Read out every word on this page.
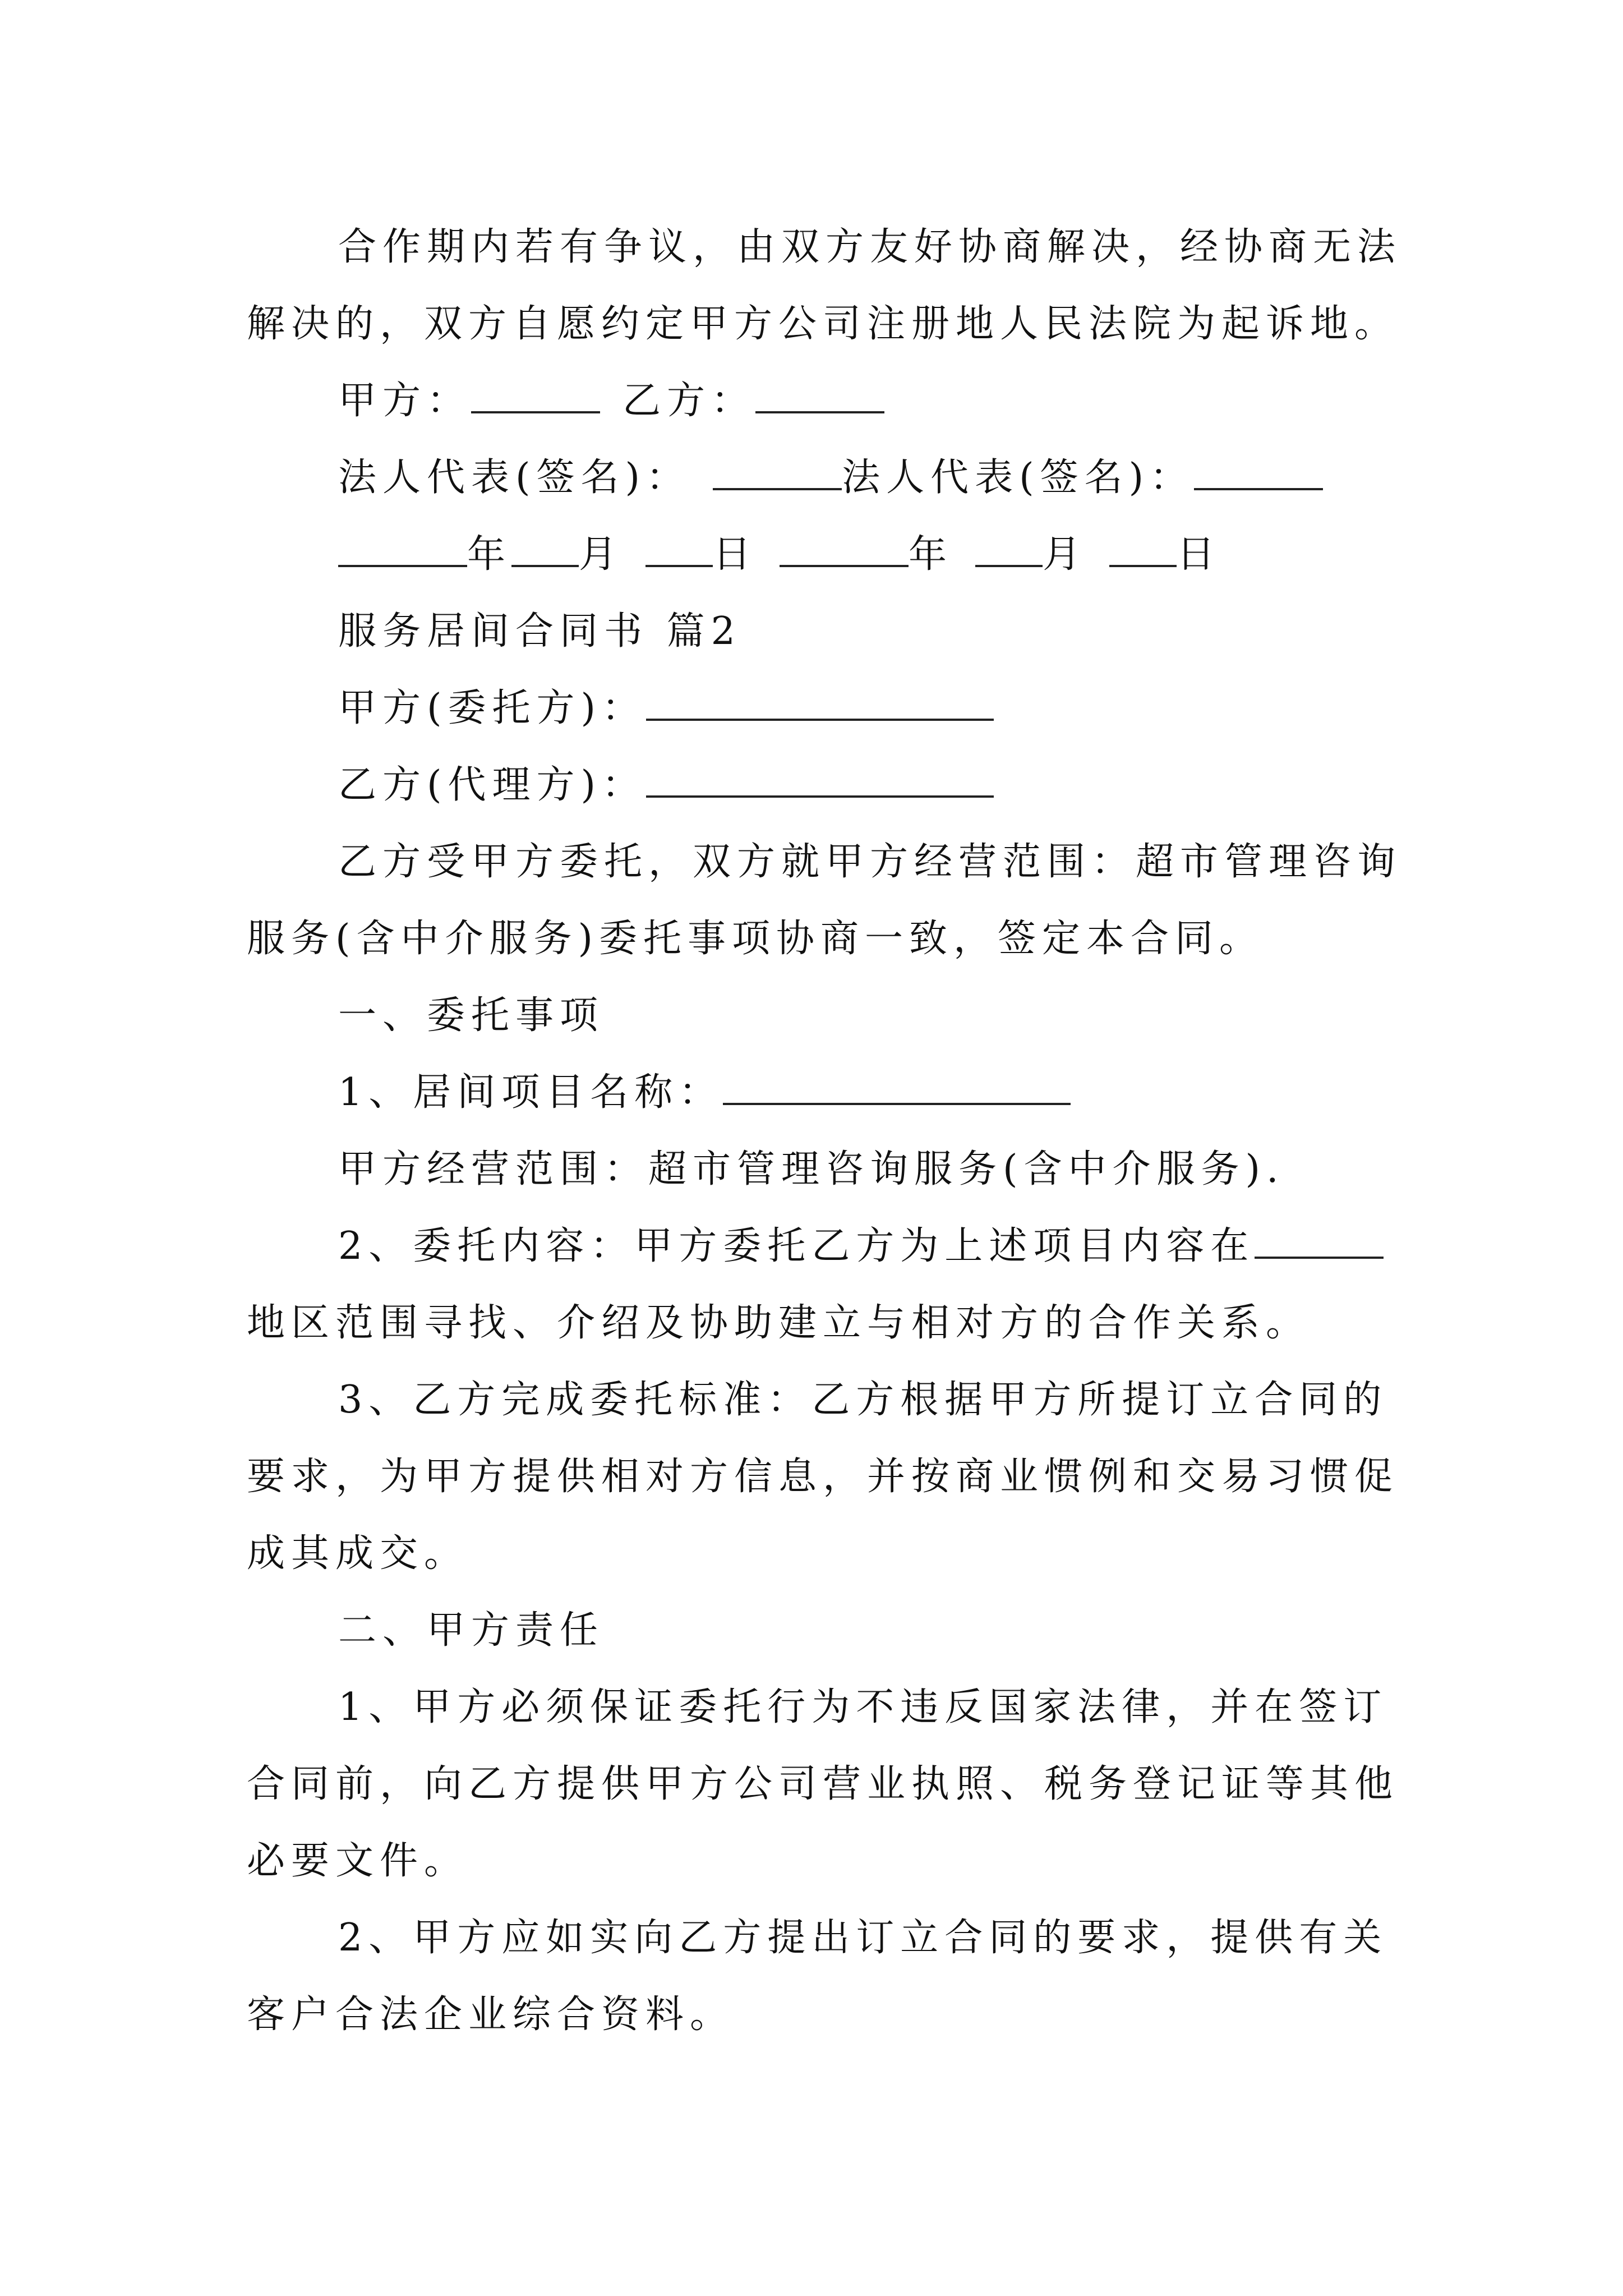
合作期内若有争议，由双方友好协商解决，经协商无法

解决的，双方自愿约定甲方公司注册地人民法院为起诉地。

甲方：	乙方：

法人代表(签名)：	法人代表(签名)：

年 月 日	年 月 日

服务居间合同书 篇2

甲方(委托方)：

乙方(代理方)：

乙方受甲方委托，双方就甲方经营范围：超市管理咨询

服务(含中介服务)委托事项协商一致，签定本合同。

一、委托事项

1、居间项目名称：

甲方经营范围：超市管理咨询服务(含中介服务).

2、委托内容：甲方委托乙方为上述项目内容在

地区范围寻找、介绍及协助建立与相对方的合作关系。

3、乙方完成委托标准：乙方根据甲方所提订立合同的

要求，为甲方提供相对方信息，并按商业惯例和交易习惯促

成其成交。

二、甲方责任

1、甲方必须保证委托行为不违反国家法律，并在签订

合同前，向乙方提供甲方公司营业执照、税务登记证等其他

必要文件。

2、甲方应如实向乙方提出订立合同的要求，提供有关

客户合法企业综合资料。
